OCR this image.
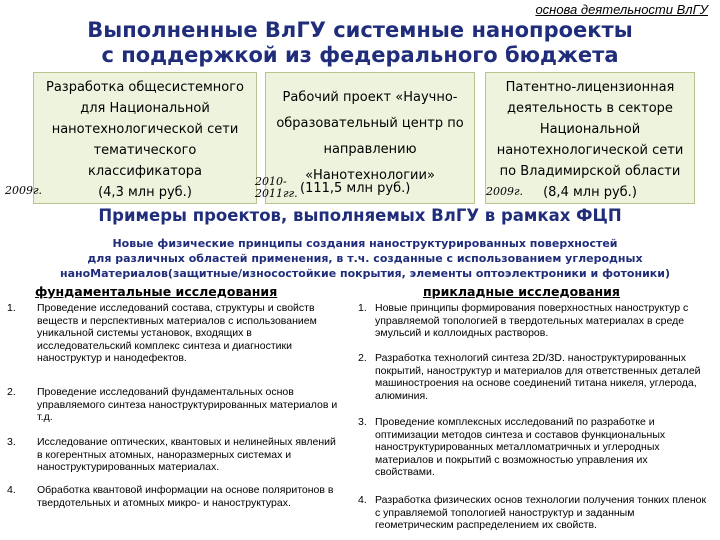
основа деятельности ВлГУ
Выполненные ВлГУ системные нанопроекты
с поддержкой из федерального бюджета
Разработка общесистемного
для Национальной
нанотехнологической сети
тематического
классификатора
(4,3 млн руб.)
2009г.
Рабочий проект «Научно-
образовательный центр по
направлению
«Нанотехнологии»
2010-
2011гг. (111,5 млн руб.)
Патентно-лицензионная
деятельность в секторе
Национальной
нанотехнологической сети
по Владимирской области
(8,4 млн руб.)
2009г.
Примеры проектов, выполняемых ВлГУ в рамках ФЦП
Новые физические принципы создания наноструктурированных поверхностей
для различных областей применения, в т.ч. созданные с использованием углеродных
наноМатериалов(защитные/износостойкие покрытия, элементы оптоэлектроники и фотоники)
фундаментальные исследования	прикладные исследования
1. Проведение исследований состава, структуры и свойств веществ и перспективных материалов с использованием уникальной системы установок, входящих в исследовательский комплекс синтеза и диагностики наноструктур и нанодефектов.
2. Проведение исследований фундаментальных основ управляемого синтеза наноструктурированных материалов и т.д.
3. Исследование оптических, квантовых и нелинейных явлений в когерентных атомных, наноразмерных системах и наноструктурированных материалах.
4. Обработка квантовой информации на основе поляритонов в твердотельных и атомных микро- и наноструктурах.
1. Новые принципы формирования поверхностных наноструктур с управляемой топологией в твердотельных материалах в среде эмульсий и коллоидных растворов.
2. Разработка технологий синтеза 2D/3D. наноструктурированных покрытий, наноструктур и материалов для ответственных деталей машиностроения на основе соединений титана никеля, углерода, алюминия.
3. Проведение комплексных исследований по разработке и оптимизации методов синтеза и составов функциональных наноструктурированных металломатричных и углеродных материалов и покрытий с возможностью управления их свойствами.
4. Разработка физических основ технологии получения тонких пленок с управляемой топологией наноструктур и заданным геометрическим распределением их свойств.
